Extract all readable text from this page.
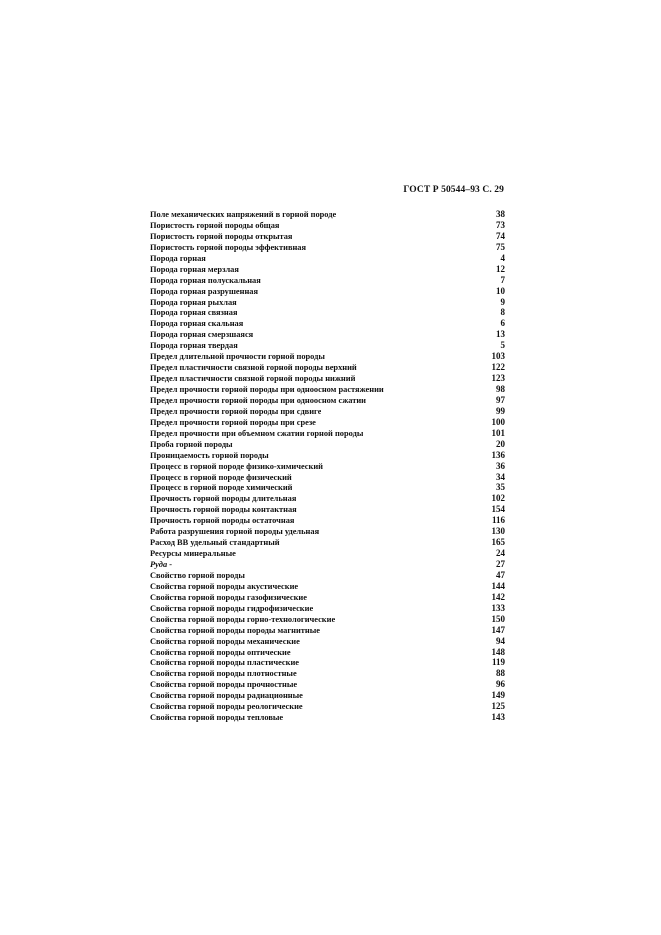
ГОСТ Р 50544–93 С. 29
Поле механических напряжений в горной породе	38
Пористость горной породы общая	73
Пористость горной породы открытая	74
Пористость горной породы эффективная	75
Порода горная	4
Порода горная мерзлая	12
Порода горная полускальная	7
Порода горная разрушенная	10
Порода горная рыхлая	9
Порода горная связная	8
Порода горная скальная	6
Порода горная смерзшаяся	13
Порода горная твердая	5
Предел длительной прочности горной породы	103
Предел пластичности связной горной породы верхний	122
Предел пластичности связной горной породы нижний	123
Предел прочности горной породы при одноосном растяжении	98
Предел прочности горной породы при одноосном сжатии	97
Предел прочности горной породы при сдвиге	99
Предел прочности горной породы при срезе	100
Предел прочности при объемном сжатии горной породы	101
Проба горной породы	20
Проницаемость горной породы	136
Процесс в горной породе физико-химический	36
Процесс в горной породе физический	34
Процесс в горной породе химический	35
Прочность горной породы длительная	102
Прочность горной породы контактная	154
Прочность горной породы остаточная	116
Работа разрушения горной породы удельная	130
Расход ВВ удельный стандартный	165
Ресурсы минеральные	24
Руда -	27
Свойство горной породы	47
Свойства горной породы акустические	144
Свойства горной породы газофизические	142
Свойства горной породы гидрофизические	133
Свойства горной породы горно-технологические	150
Свойства горной породы породы магнитные	147
Свойства горной породы механические	94
Свойства горной породы оптические	148
Свойства горной породы пластические	119
Свойства горной породы плотностные	88
Свойства горной породы прочностные	96
Свойства горной породы радиационные	149
Свойства горной породы реологические	125
Свойства горной породы тепловые	143
